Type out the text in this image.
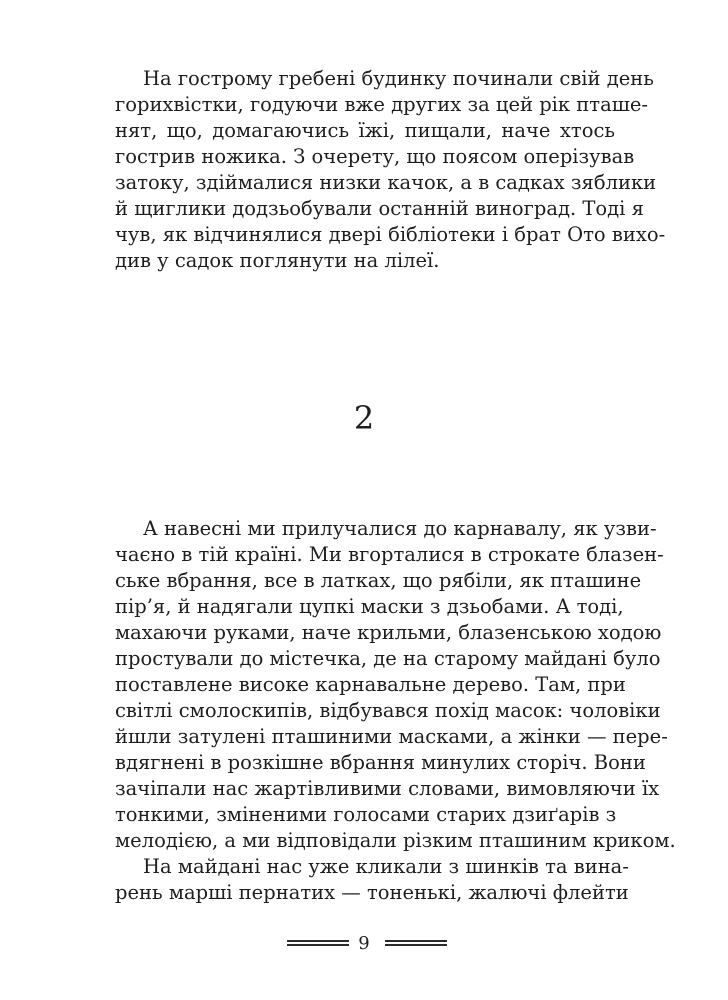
На гострому гребені будинку починали свій день
горихвістки, годуючи вже других за цей рік пташе-
нят, що, домагаючись їжі, пищали, наче хтось
гострив ножика. З очерету, що поясом оперізував
затоку, здіймалися низки качок, а в садках зяблики
й щиглики додзьобували останній виноград. Тоді я
чув, як відчинялися двері бібліотеки і брат Ото вихо-
див у садок поглянути на лілеї.
2
А навесні ми прилучалися до карнавалу, як узви-
чаєно в тій країні. Ми вгорталися в строкате блазен-
ське вбрання, все в латках, що рябіли, як пташине
пір’я, й надягали цупкі маски з дзьобами. А тоді,
махаючи руками, наче крильми, блазенською ходою
простували до містечка, де на старому майдані було
поставлене високе карнавальне дерево. Там, при
світлі смолоскипів, відбувався похід масок: чоловіки
йшли затулені пташиними масками, а жінки — пере-
вдягнені в розкішне вбрання минулих сторіч. Вони
зачіпали нас жартівливими словами, вимовляючи їх
тонкими, зміненими голосами старих дзиґарів з
мелодією, а ми відповідали різким пташиним криком.
На майдані нас уже кликали з шинків та вина-
рень марші пернатих — тоненькі, жалючі флейти
9
